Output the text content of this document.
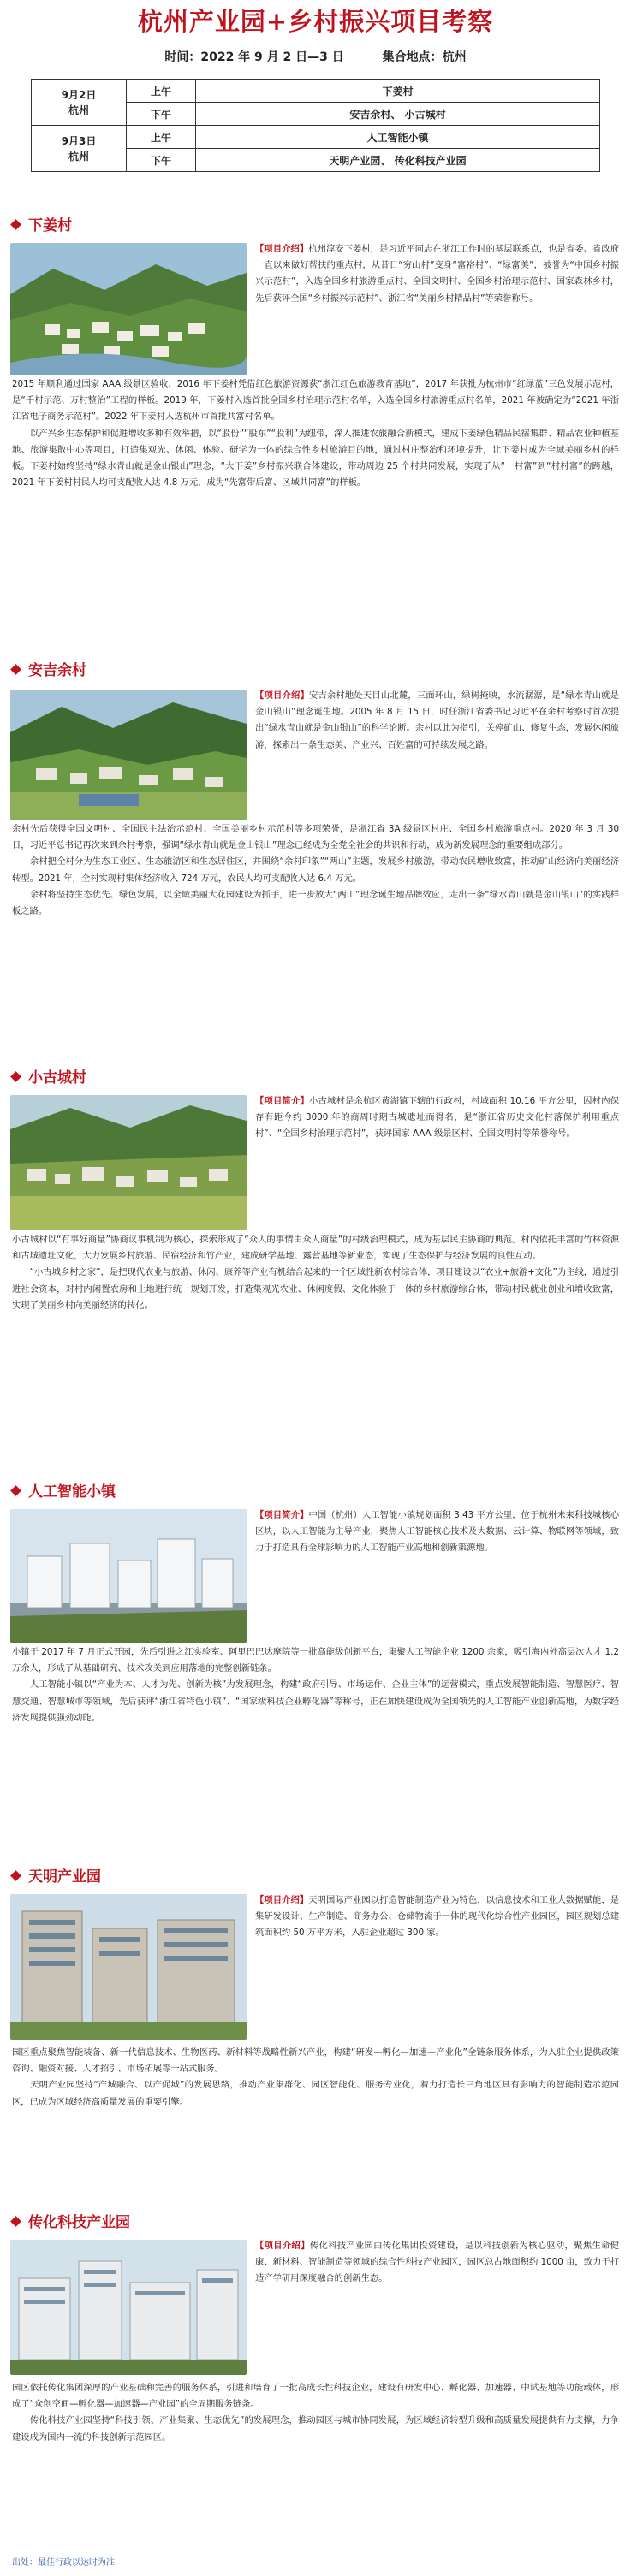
杭州产业园+乡村振兴项目考察
时间：2022 年 9 月 2 日—3 日	集合地点：杭州
9月2日
杭州	上午	下姜村
	下午	安吉余村、 小古城村
9月3日
杭州	上午	人工智能小镇
	下午	天明产业园、 传化科技产业园
下姜村
【项目介绍】杭州淳安下姜村，是习近平同志在浙江工作时的基层联系点，也是省委、省政府一直以来做好帮扶的重点村，从昔日“穷山村”变身“富裕村”、“绿富美”，被誉为“中国乡村振兴示范村”，入选全国乡村旅游重点村、全国文明村、全国乡村治理示范村、国家森林乡村，先后获评全国“乡村振兴示范村”、浙江省“美丽乡村精品村”等荣誉称号。
2015 年顺利通过国家 AAA 级景区验收，2016 年下姜村凭借红色旅游资源获“浙江红色旅游教育基地”，2017 年获批为杭州市“红绿蓝”三色发展示范村，是“千村示范、万村整治”工程的样板。2019 年，下姜村入选首批全国乡村治理示范村名单，入选全国乡村旅游重点村名单，2021 年被确定为“2021 年浙江省电子商务示范村”。2022 年下姜村入选杭州市首批共富村名单。
　　以产兴乡生态保护和促进增收多种有效举措，以“股份”“股东”“股利”为纽带，深入推进农旅融合新模式，建成下姜绿色精品民宿集群、精品农业种植基地、旅游集散中心等项目，打造集观光、休闲、体验、研学为一体的综合性乡村旅游目的地，通过村庄整治和环境提升，让下姜村成为全域美丽乡村的样板。下姜村始终坚持“绿水青山就是金山银山”理念，“大下姜”乡村振兴联合体建设，带动周边 25 个村共同发展，实现了从“一村富”到“村村富”的跨越，2021 年下姜村村民人均可支配收入达 4.8 万元，成为“先富带后富、区域共同富”的样板。
安吉余村
【项目介绍】安吉余村地处天目山北麓，三面环山，绿树掩映，水流潺潺，是“绿水青山就是金山银山”理念诞生地。2005 年 8 月 15 日，时任浙江省委书记习近平在余村考察时首次提出“绿水青山就是金山银山”的科学论断。余村以此为指引，关停矿山、修复生态，发展休闲旅游，探索出一条生态美、产业兴、百姓富的可持续发展之路。
余村先后获得全国文明村、全国民主法治示范村、全国美丽乡村示范村等多项荣誉，是浙江省 3A 级景区村庄、全国乡村旅游重点村。2020 年 3 月 30 日，习近平总书记再次来到余村考察，强调“绿水青山就是金山银山”理念已经成为全党全社会的共识和行动，成为新发展理念的重要组成部分。
　　余村把全村分为生态工业区、生态旅游区和生态居住区，并围绕“余村印象”“两山”主题，发展乡村旅游，带动农民增收致富，推动矿山经济向美丽经济转型。2021 年，全村实现村集体经济收入 724 万元，农民人均可支配收入达 6.4 万元。
　　余村将坚持生态优先、绿色发展，以全域美丽大花园建设为抓手，进一步放大“两山”理念诞生地品牌效应，走出一条“绿水青山就是金山银山”的实践样板之路。
小古城村
【项目简介】小古城村是余杭区黄湖镇下辖的行政村，村域面积 10.16 平方公里，因村内保存有距今约 3000 年的商周时期古城遗址而得名，是“浙江省历史文化村落保护利用重点村”、“全国乡村治理示范村”，获评国家 AAA 级景区村、全国文明村等荣誉称号。
小古城村以“有事好商量”协商议事机制为核心，探索形成了“众人的事情由众人商量”的村级治理模式，成为基层民主协商的典范。村内依托丰富的竹林资源和古城遗址文化，大力发展乡村旅游、民宿经济和竹产业，建成研学基地、露营基地等新业态，实现了生态保护与经济发展的良性互动。
　　“小古城乡村之家”，是把现代农业与旅游、休闲、康养等产业有机结合起来的一个区域性新农村综合体，项目建设以“农业+旅游+文化”为主线，通过引进社会资本，对村内闲置农房和土地进行统一规划开发，打造集观光农业、休闲度假、文化体验于一体的乡村旅游综合体，带动村民就业创业和增收致富，实现了美丽乡村向美丽经济的转化。
人工智能小镇
【项目简介】中国（杭州）人工智能小镇规划面积 3.43 平方公里，位于杭州未来科技城核心区块，以人工智能为主导产业，聚焦人工智能核心技术及大数据、云计算、物联网等领域，致力于打造具有全球影响力的人工智能产业高地和创新策源地。
小镇于 2017 年 7 月正式开园，先后引进之江实验室、阿里巴巴达摩院等一批高能级创新平台，集聚人工智能企业 1200 余家，吸引海内外高层次人才 1.2 万余人，形成了从基础研究、技术攻关到应用落地的完整创新链条。
　　人工智能小镇以“产业为本、人才为先、创新为核”为发展理念，构建“政府引导、市场运作、企业主体”的运营模式，重点发展智能制造、智慧医疗、智慧交通、智慧城市等领域，先后获评“浙江省特色小镇”、“国家级科技企业孵化器”等称号，正在加快建设成为全国领先的人工智能产业创新高地，为数字经济发展提供强劲动能。
天明产业园
【项目介绍】天明国际产业园以打造智能制造产业为特色，以信息技术和工业大数据赋能，是集研发设计、生产制造、商务办公、仓储物流于一体的现代化综合性产业园区，园区规划总建筑面积约 50 万平方米，入驻企业超过 300 家。
园区重点聚焦智能装备、新一代信息技术、生物医药、新材料等战略性新兴产业，构建“研发—孵化—加速—产业化”全链条服务体系，为入驻企业提供政策咨询、融资对接、人才招引、市场拓展等一站式服务。
　　天明产业园坚持“产城融合、以产促城”的发展思路，推动产业集群化、园区智能化、服务专业化，着力打造长三角地区具有影响力的智能制造示范园区，已成为区域经济高质量发展的重要引擎。
传化科技产业园
【项目介绍】传化科技产业园由传化集团投资建设，是以科技创新为核心驱动，聚焦生命健康、新材料、智能制造等领域的综合性科技产业园区，园区总占地面积约 1000 亩，致力于打造产学研用深度融合的创新生态。
园区依托传化集团深厚的产业基础和完善的服务体系，引进和培育了一批高成长性科技企业，建设有研发中心、孵化器、加速器、中试基地等功能载体，形成了“众创空间—孵化器—加速器—产业园”的全周期服务链条。
　　传化科技产业园坚持“科技引领、产业集聚、生态优先”的发展理念，推动园区与城市协同发展，为区域经济转型升级和高质量发展提供有力支撑，力争建设成为国内一流的科技创新示范园区。
出处：最佳行政以达时为准
